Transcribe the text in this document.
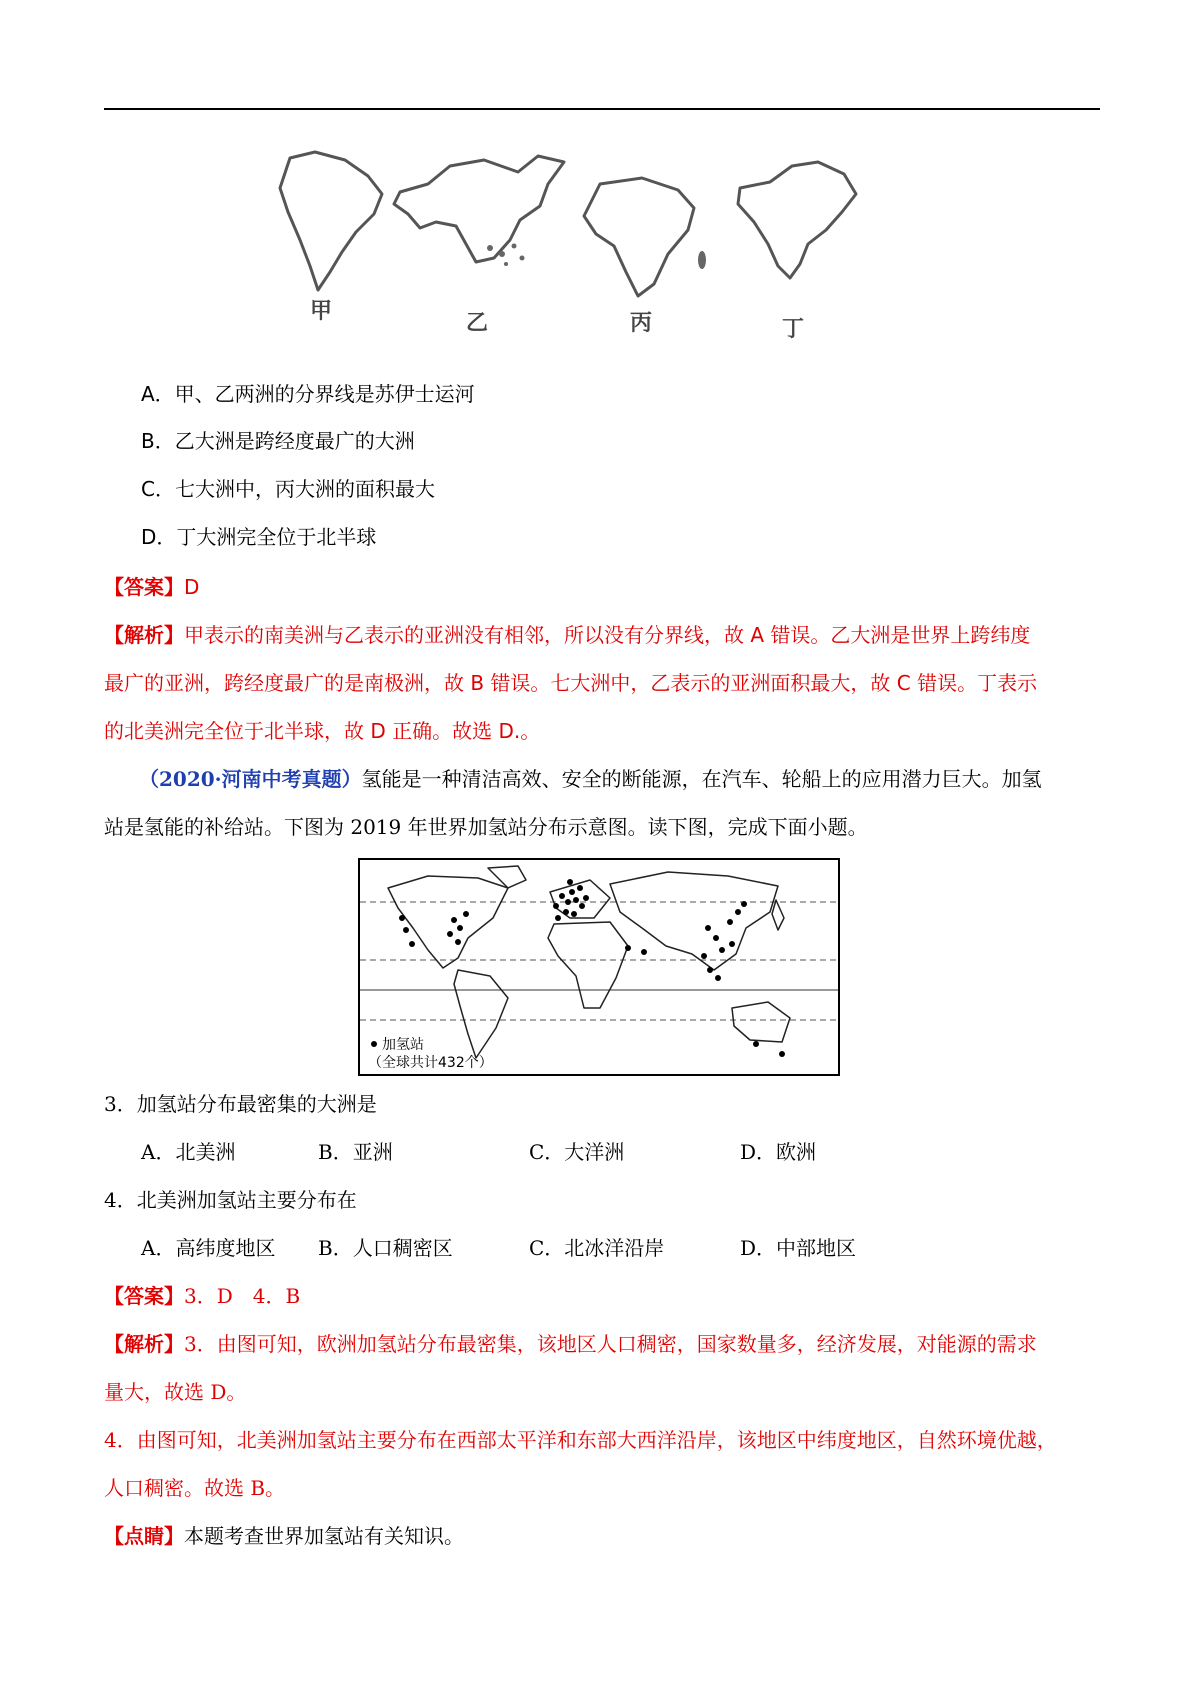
甲	乙	丙	丁
A．甲、乙两洲的分界线是苏伊士运河
B．乙大洲是跨经度最广的大洲
C．七大洲中，丙大洲的面积最大
D．丁大洲完全位于北半球
【答案】D
【解析】甲表示的南美洲与乙表示的亚洲没有相邻，所以没有分界线，故 A 错误。乙大洲是世界上跨纬度
最广的亚洲，跨经度最广的是南极洲，故 B 错误。七大洲中，乙表示的亚洲面积最大，故 C 错误。丁表示
的北美洲完全位于北半球，故 D 正确。故选 D.。
（2020·河南中考真题）氢能是一种清洁高效、安全的断能源，在汽车、轮船上的应用潜力巨大。加氢
站是氢能的补给站。下图为 2019 年世界加氢站分布示意图。读下图，完成下面小题。
加氢站
（全球共计432个）
3．加氢站分布最密集的大洲是
A．北美洲	B．亚洲	C．大洋洲	D．欧洲
4．北美洲加氢站主要分布在
A．高纬度地区 B．人口稠密区	C．北冰洋沿岸	D．中部地区
【答案】3．D　4．B
【解析】3．由图可知，欧洲加氢站分布最密集，该地区人口稠密，国家数量多，经济发展，对能源的需求
量大，故选 D。
4．由图可知，北美洲加氢站主要分布在西部太平洋和东部大西洋沿岸，该地区中纬度地区，自然环境优越，
人口稠密。故选 B。
【点睛】本题考查世界加氢站有关知识。
